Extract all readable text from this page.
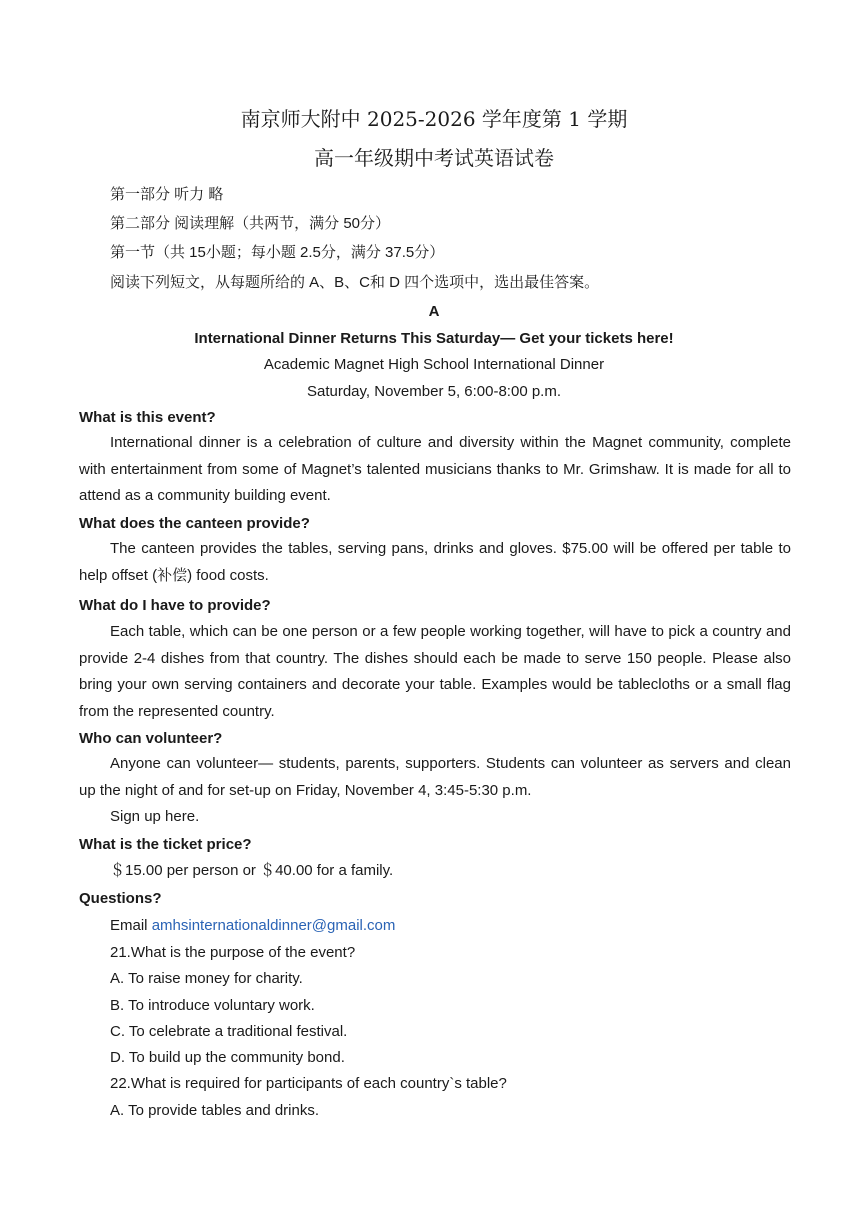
南京师大附中 2025-2026 学年度第 1 学期
高一年级期中考试英语试卷
第一部分 听力 略
第二部分 阅读理解（共两节，满分 50分）
第一节（共 15小题；每小题 2.5分，满分 37.5分）
阅读下列短文，从每题所给的 A、B、C和 D 四个选项中，选出最佳答案。
A
International Dinner Returns This Saturday— Get your tickets here!
Academic Magnet High School International Dinner
Saturday, November 5, 6:00-8:00 p.m.
What is this event?
International dinner is a celebration of culture and diversity within the Magnet community, complete with entertainment from some of Magnet’s talented musicians thanks to Mr. Grimshaw. It is made for all to attend as a community building event.
What does the canteen provide?
The canteen provides the tables, serving pans, drinks and gloves. $75.00 will be offered per table to help offset (补偿) food costs.
What do I have to provide?
Each table, which can be one person or a few people working together, will have to pick a country and provide 2-4 dishes from that country. The dishes should each be made to serve 150 people. Please also bring your own serving containers and decorate your table. Examples would be tablecloths or a small flag from the represented country.
Who can volunteer?
Anyone can volunteer— students, parents, supporters. Students can volunteer as servers and clean up the night of and for set-up on Friday, November 4, 3:45-5:30 p.m.
Sign up here.
What is the ticket price?
＄15.00 per person or ＄40.00 for a family.
Questions?
Email amhsinternationaldinner@gmail.com
21.What is the purpose of the event?
A. To raise money for charity.
B. To introduce voluntary work.
C. To celebrate a traditional festival.
D. To build up the community bond.
22.What is required for participants of each country`s table?
A. To provide tables and drinks.
